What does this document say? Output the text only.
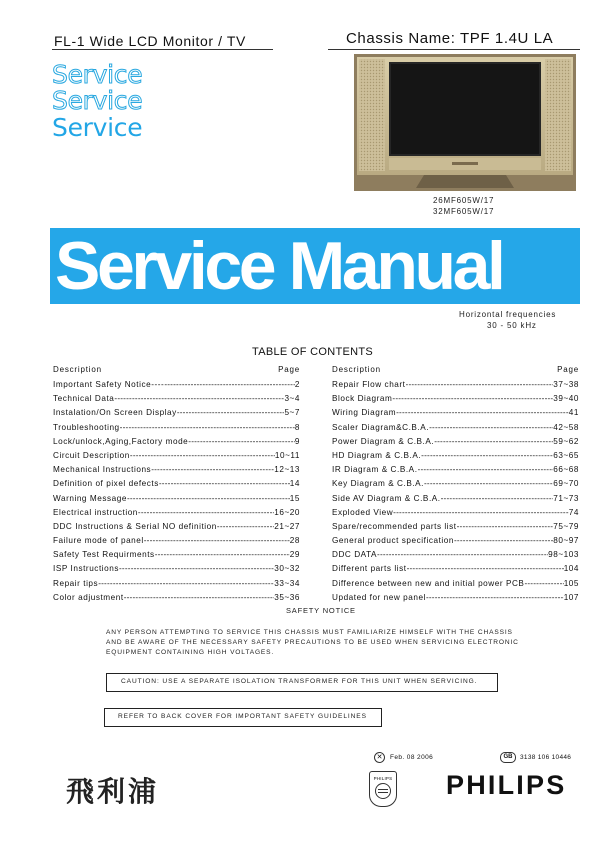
FL-1 Wide LCD Monitor / TV	Chassis Name: TPF 1.4U LA
Service
Service
Service
26MF605W/17
32MF605W/17
Service Manual
Horizontal frequencies
30 - 50 kHz
TABLE OF CONTENTS
Description	Page
Important Safety Notice---- -----	2
Technical Data -----	3~4
Instalation/On Screen Display -----	5~7
Troubleshooting -----	8
Lock/unlock,Aging,Factory mode -----	9
Circuit Description -----	10~11
Mechanical Instructions -----	12~13
Definition of pixel defects -----	14
Warning Message -----	15
Electrical instruction -----	16~20
DDC Instructions & Serial NO definition -----	21~27
Failure mode of panel -----	28
Safety Test Requirments -----	29
ISP Instructions -----	30~32
Repair tips -----	33~34
Color adjustment -----	35~36
Description	Page
Repair Flow chart -----	37~38
Block Diagram -----	39~40
Wiring Diagram -----	41
Scaler Diagram&C.B.A. -----	42~58
Power Diagram & C.B.A. -----	59~62
HD Diagram & C.B.A. -----	63~65
IR Diagram & C.B.A. -----	66~68
Key Diagram & C.B.A. -----	69~70
Side AV Diagram & C.B.A. -----	71~73
Exploded View -----	74
Spare/recommended parts list -----	75~79
General product specification -----	80~97
DDC DATA -----	98~103
Different parts list -----	104
Difference between new and initial power PCB -----	105
Updated for new panel -----	107
SAFETY NOTICE
ANY PERSON ATTEMPTING TO SERVICE THIS CHASSIS MUST FAMILIARIZE HIMSELF WITH THE CHASSIS
AND BE AWARE OF THE NECESSARY SAFETY PRECAUTIONS TO BE USED WHEN SERVICING ELECTRONIC
EQUIPMENT CONTAINING HIGH VOLTAGES.
CAUTION: USE A SEPARATE ISOLATION TRANSFORMER FOR THIS UNIT WHEN SERVICING.
REFER TO BACK COVER FOR IMPORTANT SAFETY GUIDELINES
✕	Feb. 08 2006	GB	3138 106 10446
飛利浦	PHILIPS PHILIPS
